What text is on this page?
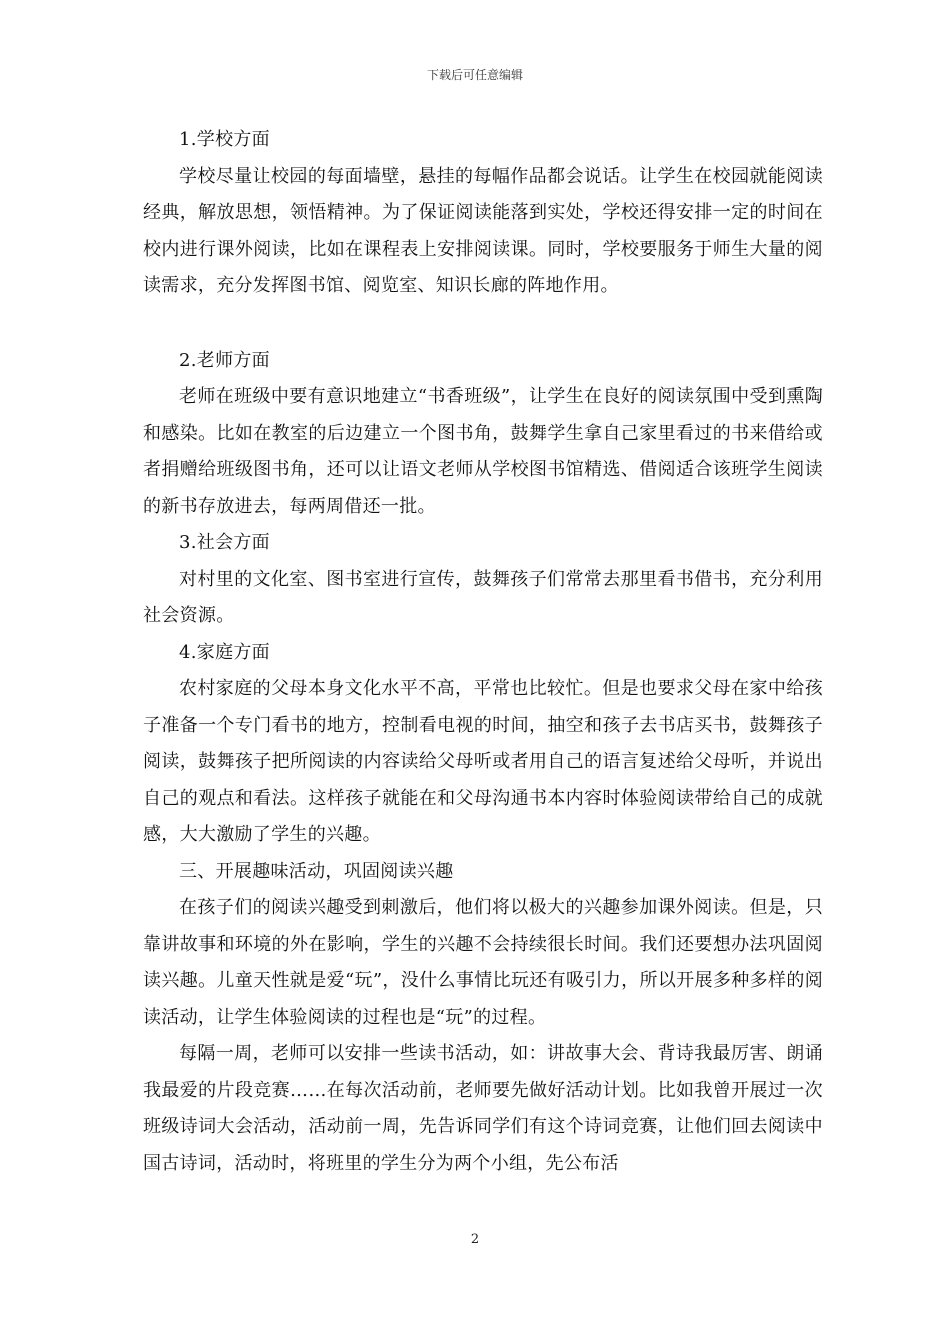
下载后可任意编辑

1.学校方面

学校尽量让校园的每面墙壁，悬挂的每幅作品都会说话。让学生在校园就能阅读经典，解放思想，领悟精神。为了保证阅读能落到实处，学校还得安排一定的时间在校内进行课外阅读，比如在课程表上安排阅读课。同时，学校要服务于师生大量的阅读需求，充分发挥图书馆、阅览室、知识长廊的阵地作用。

2.老师方面

老师在班级中要有意识地建立“书香班级”，让学生在良好的阅读氛围中受到熏陶和感染。比如在教室的后边建立一个图书角，鼓舞学生拿自己家里看过的书来借给或者捐赠给班级图书角，还可以让语文老师从学校图书馆精选、借阅适合该班学生阅读的新书存放进去，每两周借还一批。

3.社会方面

对村里的文化室、图书室进行宣传，鼓舞孩子们常常去那里看书借书，充分利用社会资源。

4.家庭方面

农村家庭的父母本身文化水平不高，平常也比较忙。但是也要求父母在家中给孩子准备一个专门看书的地方，控制看电视的时间，抽空和孩子去书店买书，鼓舞孩子阅读，鼓舞孩子把所阅读的内容读给父母听或者用自己的语言复述给父母听，并说出自己的观点和看法。这样孩子就能在和父母沟通书本内容时体验阅读带给自己的成就感，大大激励了学生的兴趣。

三、开展趣味活动，巩固阅读兴趣

在孩子们的阅读兴趣受到刺激后，他们将以极大的兴趣参加课外阅读。但是，只靠讲故事和环境的外在影响，学生的兴趣不会持续很长时间。我们还要想办法巩固阅读兴趣。儿童天性就是爱“玩”，没什么事情比玩还有吸引力，所以开展多种多样的阅读活动，让学生体验阅读的过程也是“玩”的过程。

每隔一周，老师可以安排一些读书活动，如：讲故事大会、背诗我最厉害、朗诵我最爱的片段竞赛……在每次活动前，老师要先做好活动计划。比如我曾开展过一次班级诗词大会活动，活动前一周，先告诉同学们有这个诗词竞赛，让他们回去阅读中国古诗词，活动时，将班里的学生分为两个小组，先公布活

2
